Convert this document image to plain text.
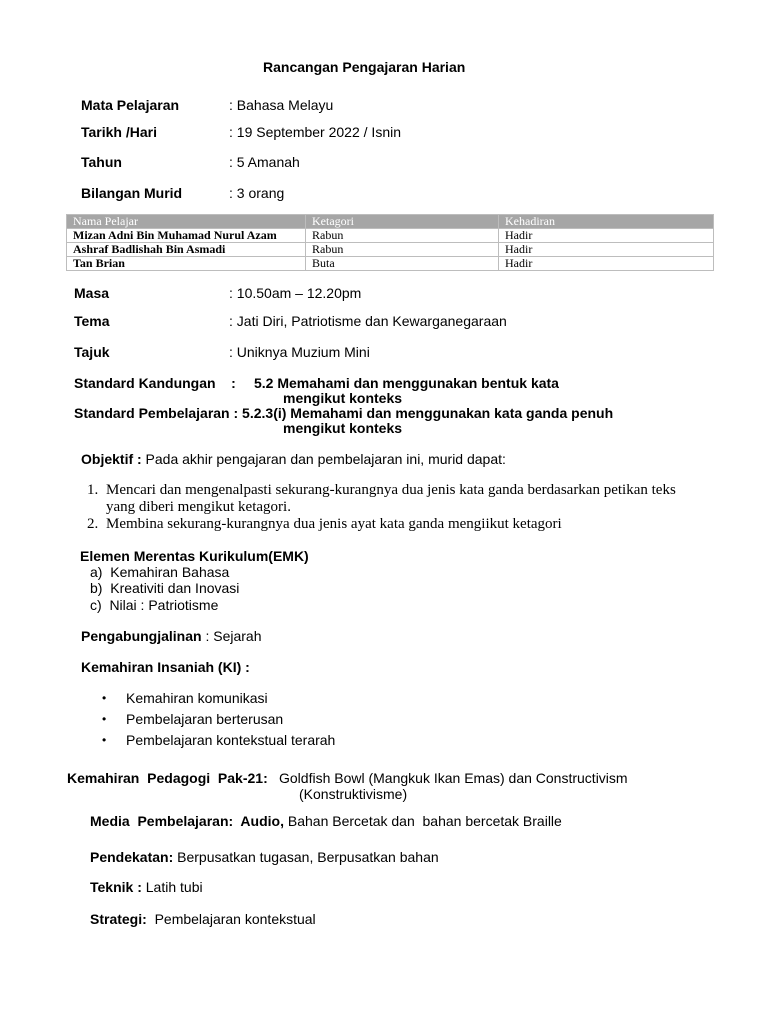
Rancangan Pengajaran Harian
Mata Pelajaran	: Bahasa Melayu
Tarikh /Hari	: 19 September 2022 / Isnin
Tahun	: 5 Amanah
Bilangan Murid	: 3 orang
Nama Pelajar	Ketagori	Kehadiran
Mizan Adni Bin Muhamad Nurul Azam	Rabun	Hadir
Ashraf Badlishah Bin Asmadi	Rabun	Hadir
Tan Brian	Buta	Hadir
Masa	: 10.50am – 12.20pm
Tema	: Jati Diri, Patriotisme dan Kewarganegaraan
Tajuk	: Uniknya Muzium Mini
Standard Kandungan    : 5.2 Memahami dan menggunakan bentuk kata
mengikut konteks
Standard Pembelajaran : 5.2.3(i) Memahami dan menggunakan kata ganda penuh
mengikut konteks
Objektif : Pada akhir pengajaran dan pembelajaran ini, murid dapat:
1. Mencari dan mengenalpasti sekurang-kurangnya dua jenis kata ganda berdasarkan petikan teks yang diberi mengikut ketagori.
2. Membina sekurang-kurangnya dua jenis ayat kata ganda mengiikut ketagori
Elemen Merentas Kurikulum(EMK)
a)  Kemahiran Bahasa
b)  Kreativiti dan Inovasi
c)  Nilai : Patriotisme
Pengabungjalinan : Sejarah
Kemahiran Insaniah (KI) :
• Kemahiran komunikasi
• Pembelajaran berterusan
• Pembelajaran kontekstual terarah
Kemahiran  Pedagogi  Pak-21: Goldfish Bowl (Mangkuk Ikan Emas) dan Constructivism
(Konstruktivisme)
Media  Pembelajaran:  Audio, Bahan Bercetak dan  bahan bercetak Braille
Pendekatan: Berpusatkan tugasan, Berpusatkan bahan
Teknik : Latih tubi
Strategi:  Pembelajaran kontekstual
